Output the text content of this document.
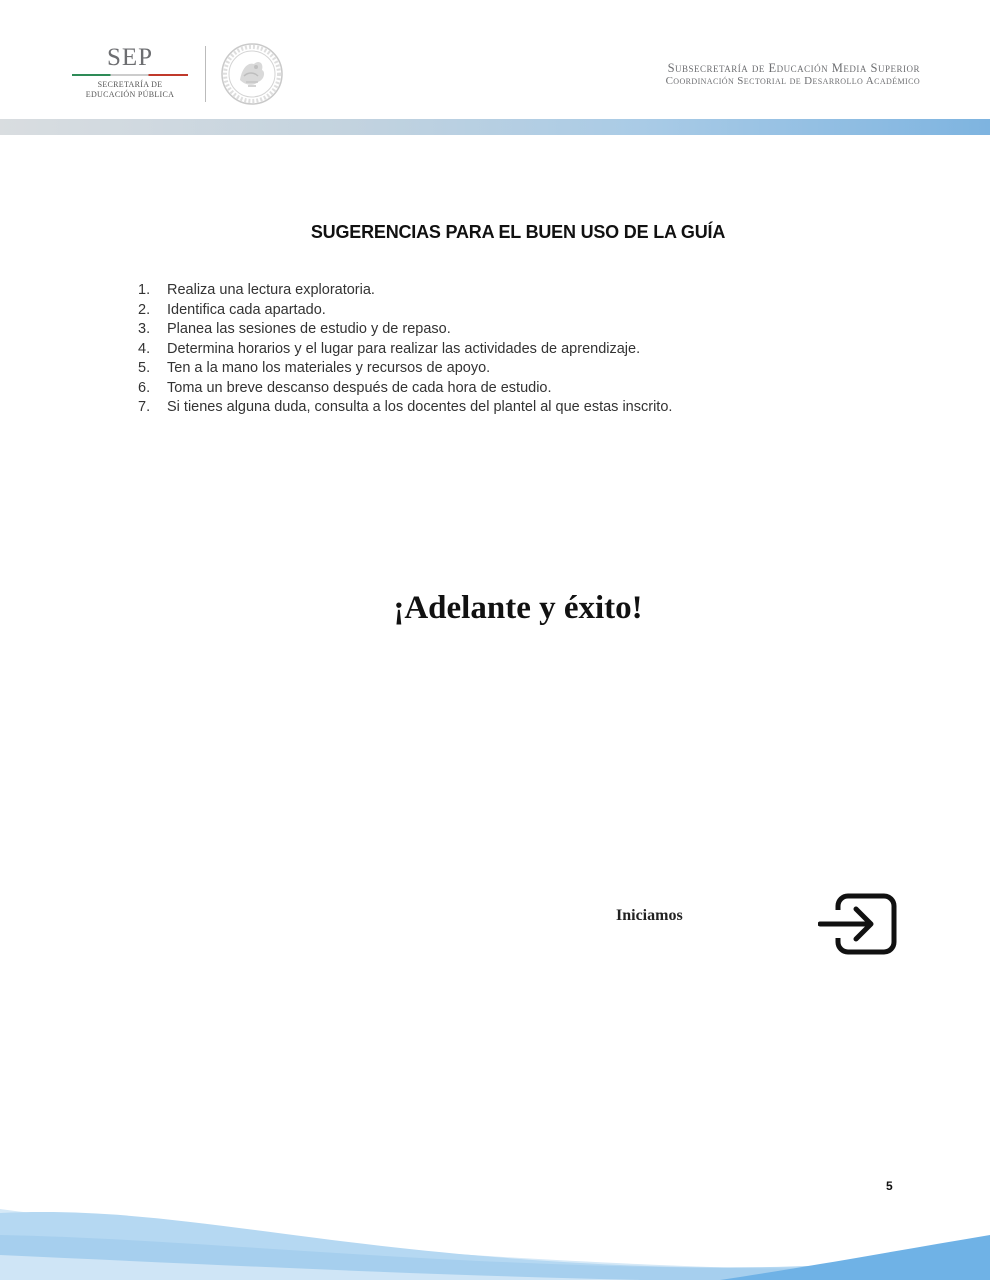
SEP
SECRETARÍA DE
EDUCACIÓN PÚBLICA
Subsecretaría de Educación Media Superior
Coordinación Sectorial de Desarrollo Académico
SUGERENCIAS PARA EL BUEN USO DE LA GUÍA
1. Realiza una lectura exploratoria.
2. Identifica cada apartado.
3. Planea las sesiones de estudio y de repaso.
4. Determina horarios y el lugar para realizar las actividades de aprendizaje.
5. Ten a la mano los materiales y recursos de apoyo.
6. Toma un breve descanso después de cada hora de estudio.
7. Si tienes alguna duda, consulta a los docentes del plantel al que estas inscrito.
¡Adelante y éxito!
Iniciamos
5
